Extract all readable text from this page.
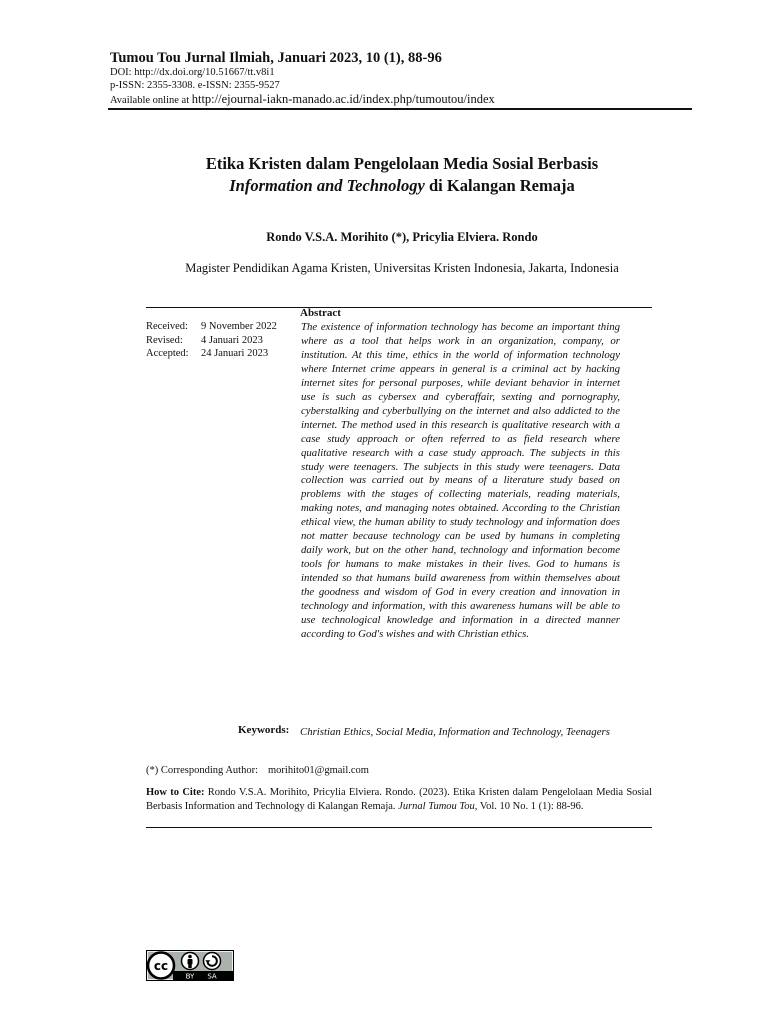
Tumou Tou Jurnal Ilmiah, Januari 2023, 10 (1), 88-96
DOI: http://dx.doi.org/10.51667/tt.v8i1
p-ISSN: 2355-3308. e-ISSN: 2355-9527
Available online at http://ejournal-iakn-manado.ac.id/index.php/tumoutou/index
Etika Kristen dalam Pengelolaan Media Sosial Berbasis
Information and Technology di Kalangan Remaja
Rondo V.S.A. Morihito (*), Pricylia Elviera. Rondo
Magister Pendidikan Agama Kristen, Universitas Kristen Indonesia, Jakarta, Indonesia
Abstract
Received:	9 November 2022
Revised:	4 Januari 2023
Accepted:	24 Januari 2023
The existence of information technology has become an important thing where as a tool that helps work in an organization, company, or institution. At this time, ethics in the world of information technology where Internet crime appears in general is a criminal act by hacking internet sites for personal purposes, while deviant behavior in internet use is such as cybersex and cyberaffair, sexting and pornography, cyberstalking and cyberbullying on the internet and also addicted to the internet. The method used in this research is qualitative research with a case study approach or often referred to as field research where qualitative research with a case study approach. The subjects in this study were teenagers. The subjects in this study were teenagers. Data collection was carried out by means of a literature study based on problems with the stages of collecting materials, reading materials, making notes, and managing notes obtained. According to the Christian ethical view, the human ability to study technology and information does not matter because technology can be used by humans in completing daily work, but on the other hand, technology and information become tools for humans to make mistakes in their lives. God to humans is intended so that humans build awareness from within themselves about the goodness and wisdom of God in every creation and innovation in technology and information, with this awareness humans will be able to use technological knowledge and information in a directed manner according to God's wishes and with Christian ethics.
Keywords: Christian Ethics, Social Media, Information and Technology, Teenagers
(*) Corresponding Author: morihito01@gmail.com
How to Cite: Rondo V.S.A. Morihito, Pricylia Elviera. Rondo. (2023). Etika Kristen dalam Pengelolaan Media Sosial Berbasis Information and Technology di Kalangan Remaja. Jurnal Tumou Tou, Vol. 10 No. 1 (1): 88-96.
cc
BY SA
